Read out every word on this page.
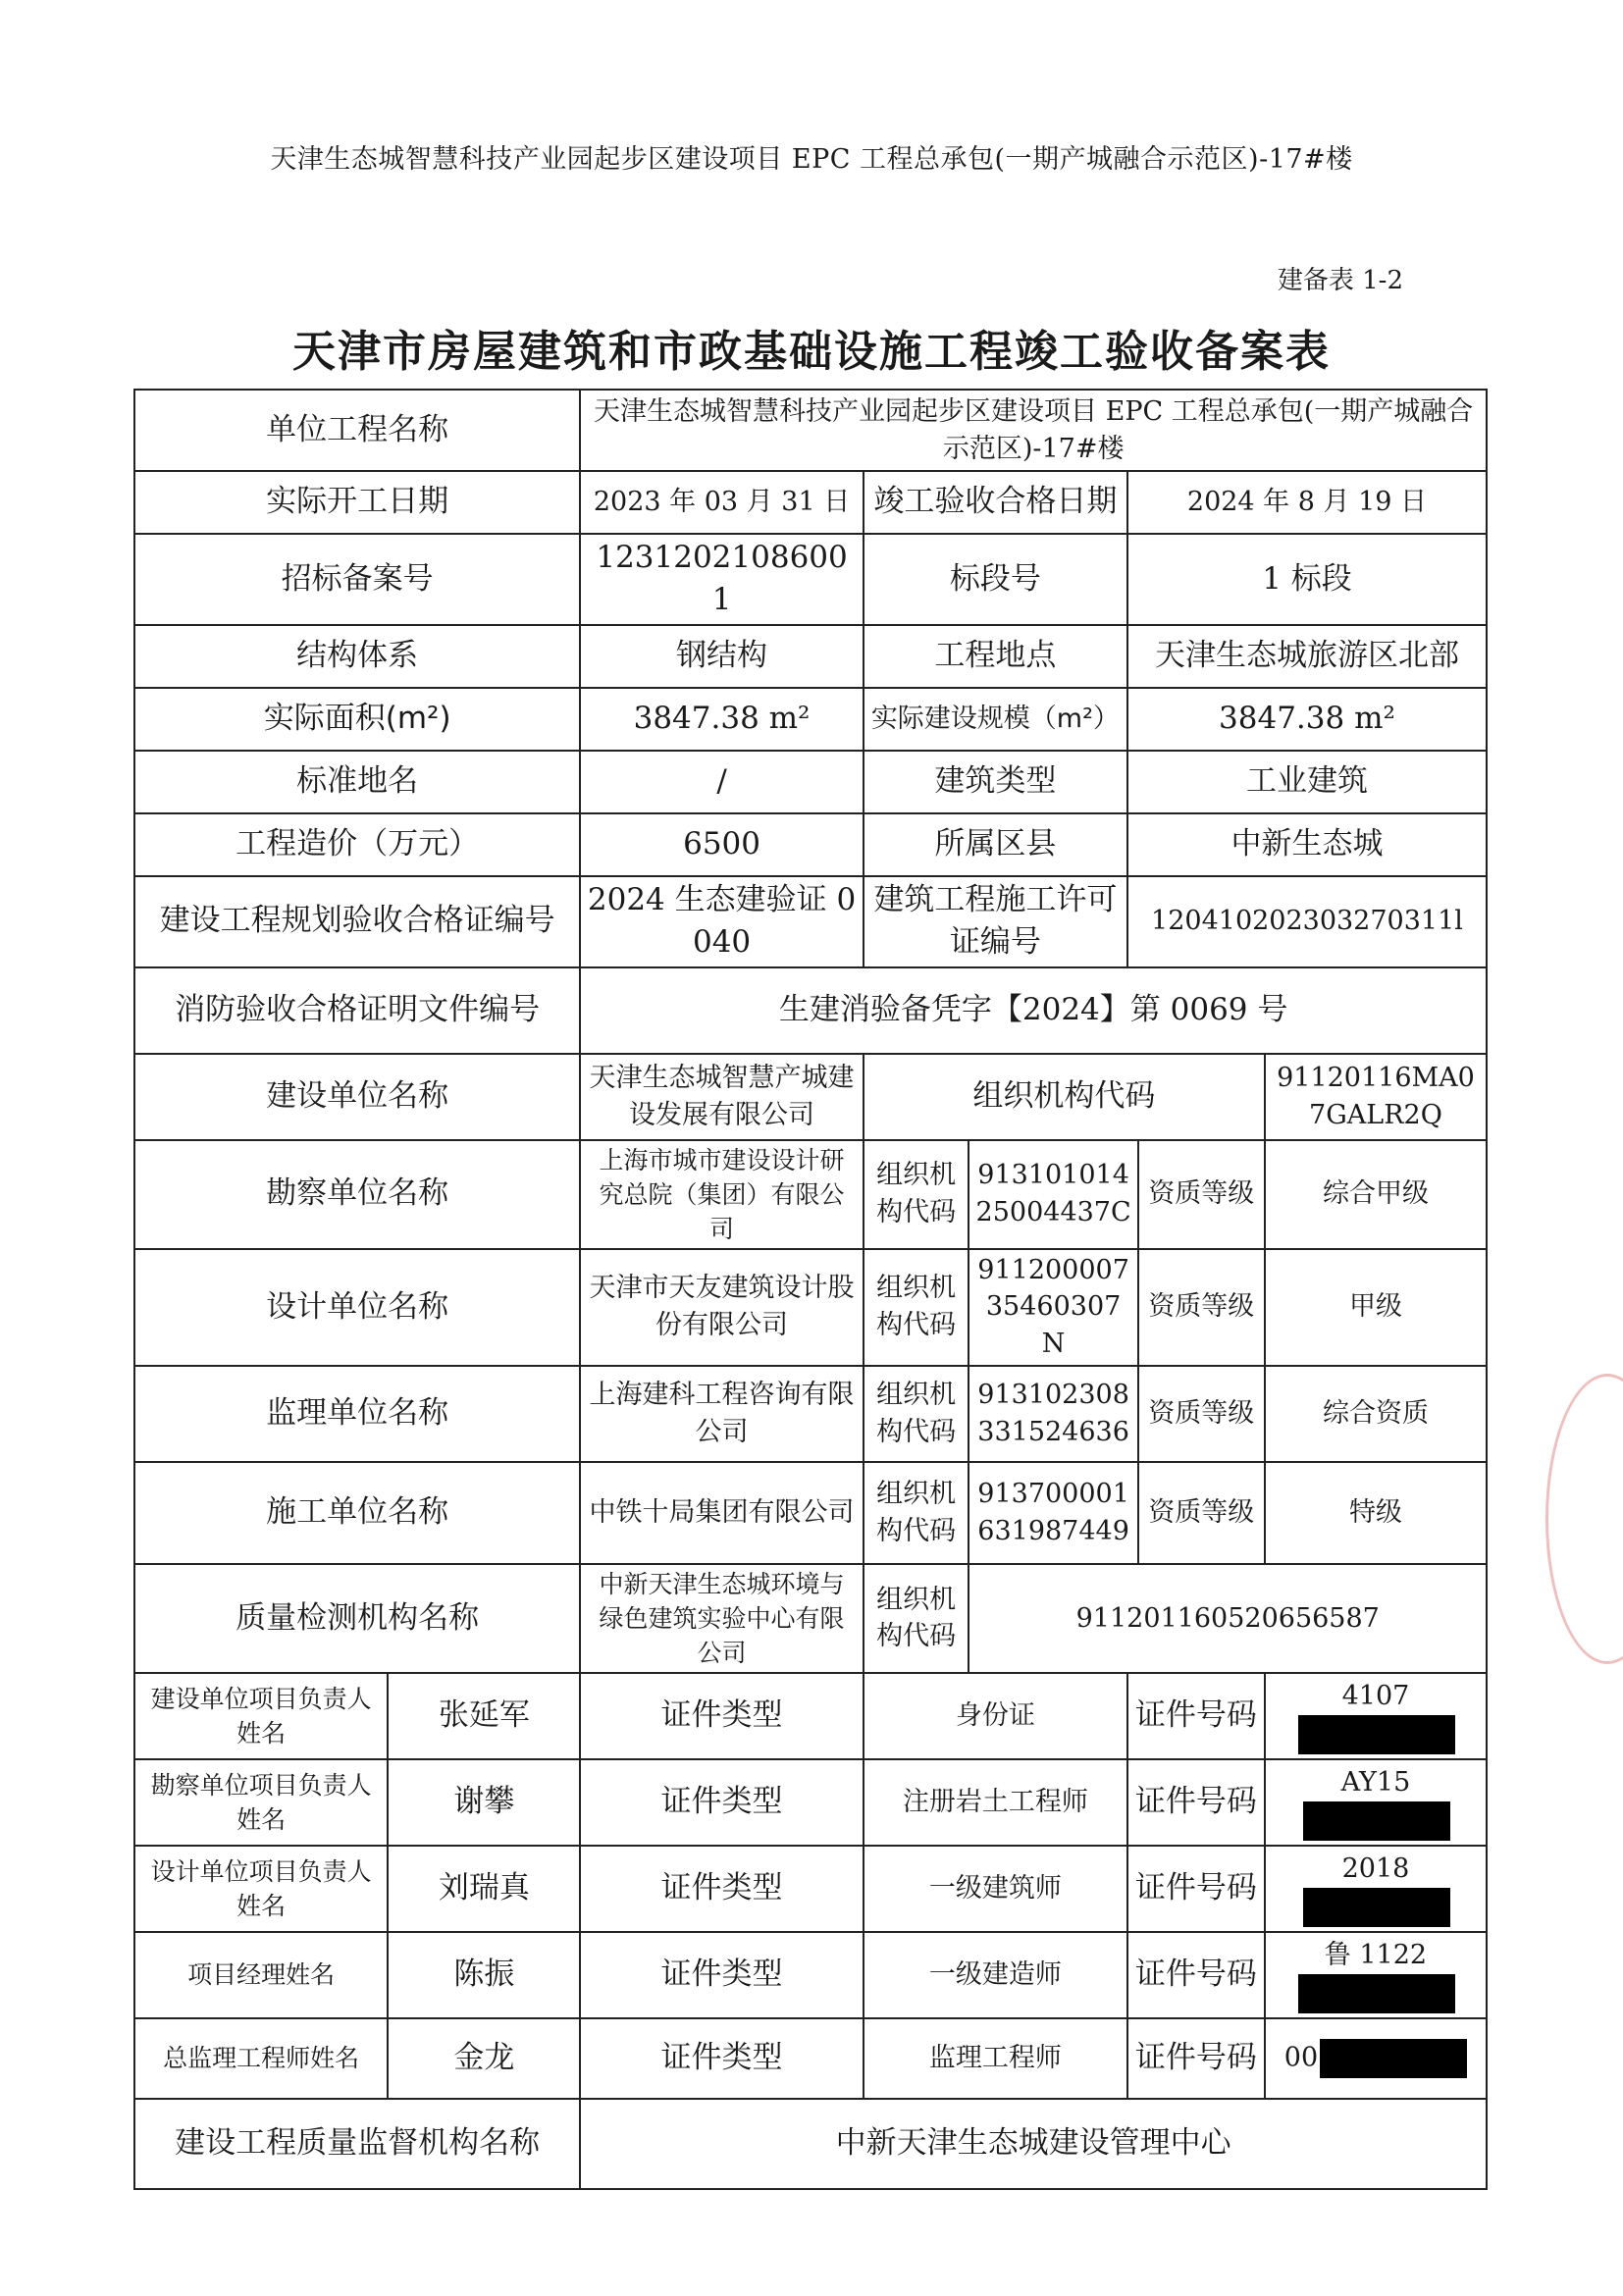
天津生态城智慧科技产业园起步区建设项目 EPC 工程总承包(一期产城融合示范区)-17#楼
建备表 1-2
天津市房屋建筑和市政基础设施工程竣工验收备案表
单位工程名称		天津生态城智慧科技产业园起步区建设项目 EPC 工程总承包(一期产城融合示范区)-17#楼					
实际开工日期		2023 年 03 月 31 日	竣工验收合格日期		2024 年 8 月 19 日		
招标备案号		12312021086001	标段号		1 标段		
结构体系		钢结构	工程地点		天津生态城旅游区北部		
实际面积(m²)		3847.38 m²	实际建设规模（m²）		3847.38 m²		
标准地名		/	建筑类型		工业建筑		
工程造价（万元）		6500	所属区县		中新生态城		
建设工程规划验收合格证编号		2024 生态建验证 0040	建筑工程施工许可证编号		120410202303270311l		
消防验收合格证明文件编号		生建消验备凭字【2024】第 0069 号					
建设单位名称		天津生态城智慧产城建设发展有限公司	组织机构代码				91120116MA07GALR2Q
勘察单位名称		上海市城市建设设计研究总院（集团）有限公司	组织机构代码	91310101425004437C		资质等级	综合甲级
设计单位名称		天津市天友建筑设计股份有限公司	组织机构代码	91120000735460307N		资质等级	甲级
监理单位名称		上海建科工程咨询有限公司	组织机构代码	913102308331524636		资质等级	综合资质
施工单位名称		中铁十局集团有限公司	组织机构代码	913700001631987449		资质等级	特级
质量检测机构名称		中新天津生态城环境与绿色建筑实验中心有限公司	组织机构代码	911201160520656587			
建设单位项目负责人姓名	张延军	证件类型	身份证		证件号码		4107
勘察单位项目负责人姓名	谢攀	证件类型	注册岩土工程师		证件号码		AY15
设计单位项目负责人姓名	刘瑞真	证件类型	一级建筑师		证件号码		2018
项目经理姓名	陈振	证件类型	一级建造师		证件号码		鲁 1122
总监理工程师姓名	金龙	证件类型	监理工程师		证件号码		00
建设工程质量监督机构名称		中新天津生态城建设管理中心					
